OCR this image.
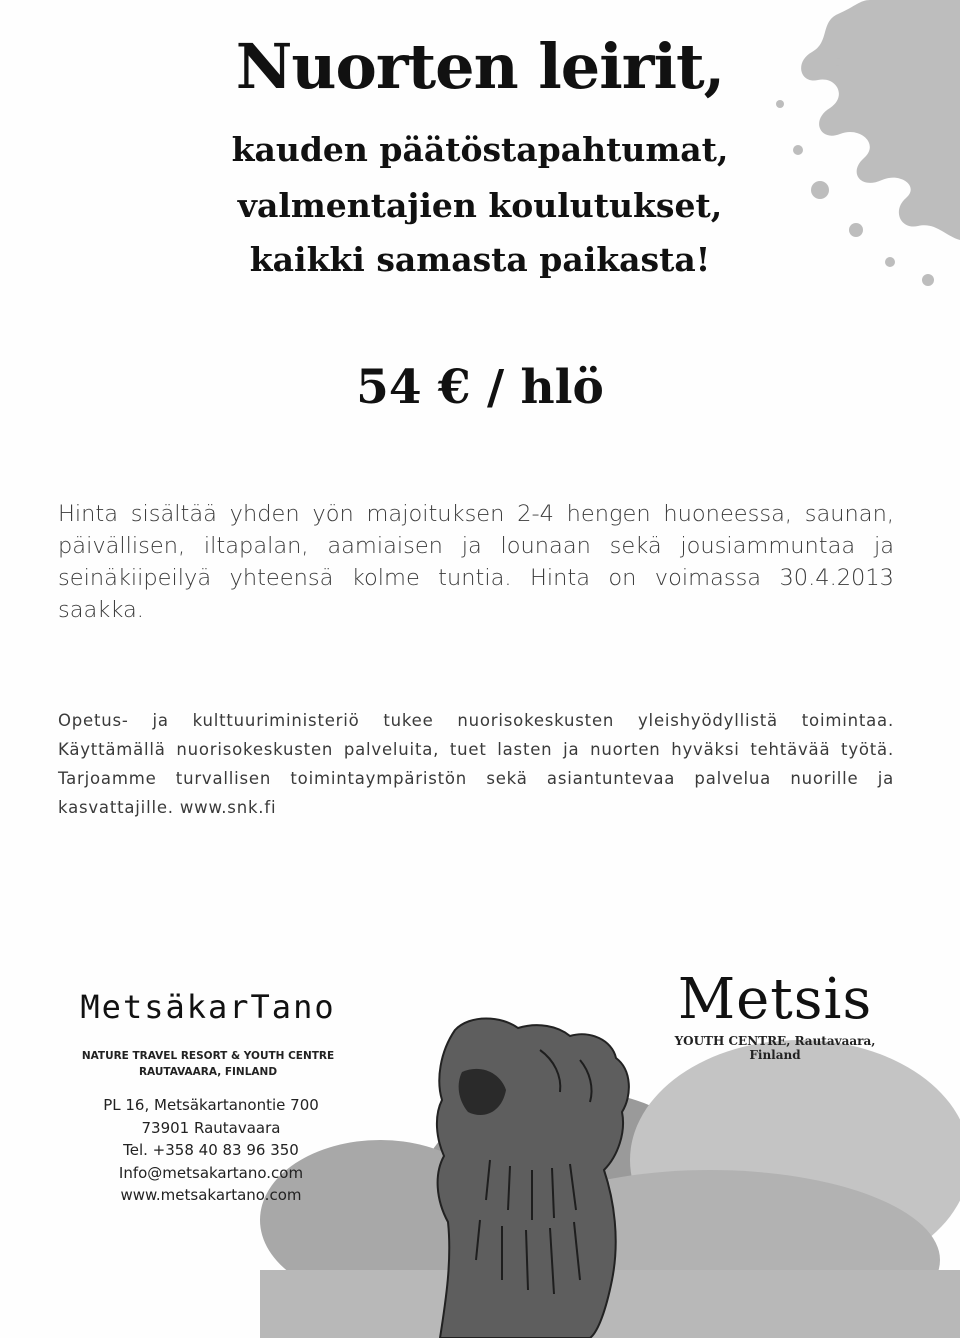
Nuorten leirit,
kauden päätöstapahtumat,
valmentajien koulutukset,
kaikki samasta paikasta!
54 € / hlö

Hinta sisältää yhden yön majoituksen 2-4 hengen huoneessa, saunan, päivällisen, iltapalan, aamiaisen ja lounaan sekä jousiammuntaa ja seinäkiipeilyä yhteensä kolme tuntia. Hinta on voimassa 30.4.2013 saakka.

Opetus- ja kulttuuriministeriö tukee nuorisokeskusten yleishyödyllistä toimintaa. Käyttämällä nuorisokeskusten palveluita, tuet lasten ja nuorten hyväksi tehtävää työtä. Tarjoamme turvallisen toimintaympäristön sekä asiantuntevaa palvelua nuorille ja kasvattajille. www.snk.fi

MetsäkarTano
NATURE TRAVEL RESORT & YOUTH CENTRE
RAUTAVAARA, FINLAND
PL 16, Metsäkartanontie 700
73901 Rautavaara
Tel. +358 40 83 96 350
Info@metsakartano.com
www.metsakartano.com
Metsis
YOUTH CENTRE, Rautavaara, Finland
